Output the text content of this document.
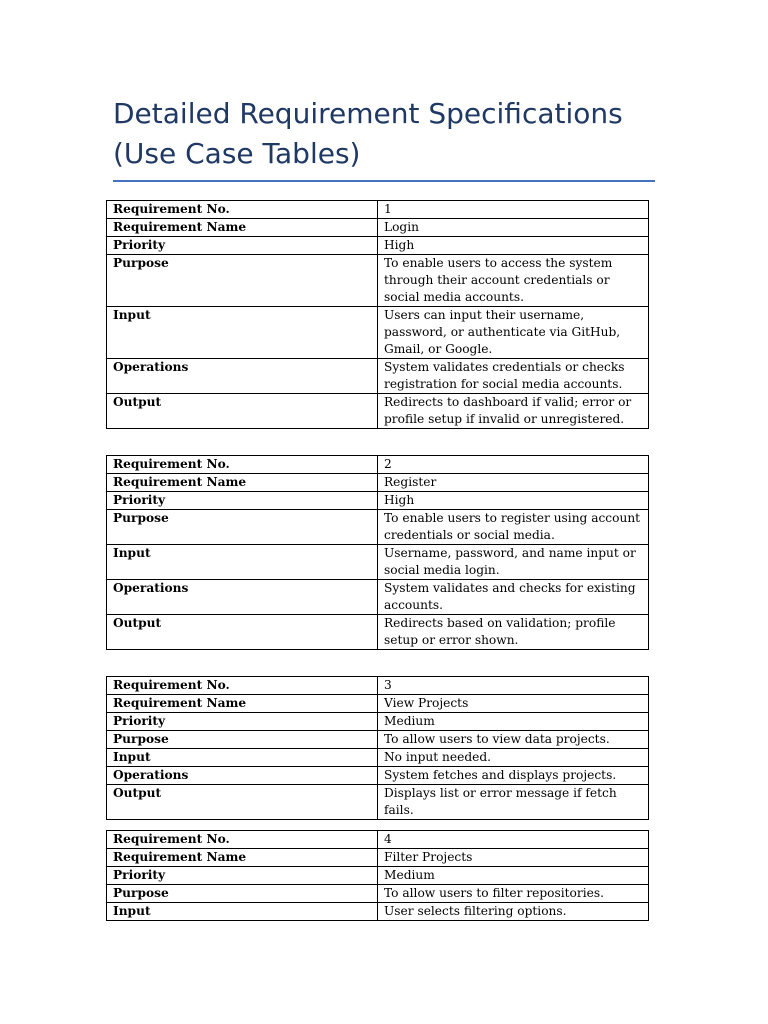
Detailed Requirement Specifications (Use Case Tables)
Requirement No.	1
Requirement Name	Login
Priority	High
Purpose	To enable users to access the system through their account credentials or social media accounts.
Input	Users can input their username, password, or authenticate via GitHub, Gmail, or Google.
Operations	System validates credentials or checks registration for social media accounts.
Output	Redirects to dashboard if valid; error or profile setup if invalid or unregistered.
Requirement No.	2
Requirement Name	Register
Priority	High
Purpose	To enable users to register using account credentials or social media.
Input	Username, password, and name input or social media login.
Operations	System validates and checks for existing accounts.
Output	Redirects based on validation; profile setup or error shown.
Requirement No.	3
Requirement Name	View Projects
Priority	Medium
Purpose	To allow users to view data projects.
Input	No input needed.
Operations	System fetches and displays projects.
Output	Displays list or error message if fetch fails.
Requirement No.	4
Requirement Name	Filter Projects
Priority	Medium
Purpose	To allow users to filter repositories.
Input	User selects filtering options.
